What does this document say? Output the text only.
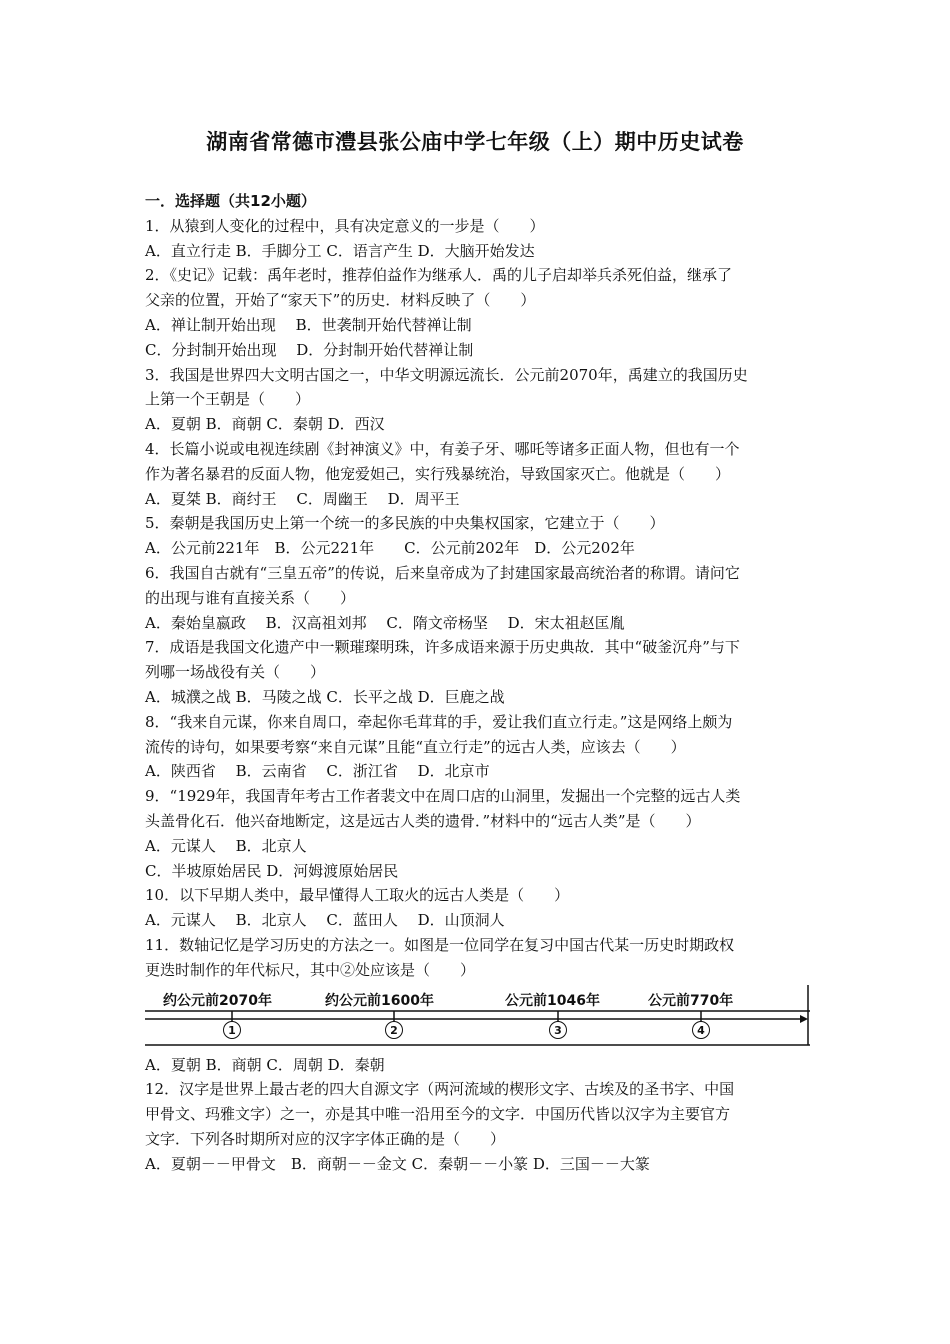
湖南省常德市澧县张公庙中学七年级（上）期中历史试卷
一．选择题（共12小题）
1．从猿到人变化的过程中，具有决定意义的一步是（　　）
A．直立行走 B．手脚分工 C．语言产生 D．大脑开始发达
2．《史记》记载：禹年老时，推荐伯益作为继承人．禹的儿子启却举兵杀死伯益，继承了
父亲的位置，开始了“家天下”的历史．材料反映了（　　）
A．禅让制开始出现　 B．世袭制开始代替禅让制
C．分封制开始出现　 D．分封制开始代替禅让制
3．我国是世界四大文明古国之一，中华文明源远流长．公元前2070年，禹建立的我国历史
上第一个王朝是（　　）
A．夏朝 B．商朝 C．秦朝 D．西汉
4．长篇小说或电视连续剧《封神演义》中，有姜子牙、哪吒等诸多正面人物，但也有一个
作为著名暴君的反面人物，他宠爱妲己，实行残暴统治，导致国家灭亡。他就是（　　）
A．夏桀 B．商纣王　 C．周幽王　 D．周平王
5．秦朝是我国历史上第一个统一的多民族的中央集权国家，它建立于（　　）
A．公元前221年　B．公元221年　　C．公元前202年　D．公元202年
6．我国自古就有“三皇五帝”的传说，后来皇帝成为了封建国家最高统治者的称谓。请问它
的出现与谁有直接关系（　　）
A．秦始皇嬴政　 B．汉高祖刘邦　 C．隋文帝杨坚　 D．宋太祖赵匡胤
7．成语是我国文化遗产中一颗璀璨明珠，许多成语来源于历史典故．其中“破釜沉舟”与下
列哪一场战役有关（　　）
A．城濮之战 B．马陵之战 C．长平之战 D．巨鹿之战
8．“我来自元谋，你来自周口，牵起你毛茸茸的手，爱让我们直立行走。”这是网络上颇为
流传的诗句，如果要考察“来自元谋”且能“直立行走”的远古人类，应该去（　　）
A．陕西省　 B．云南省　 C．浙江省　 D．北京市
9．“1929年，我国青年考古工作者裴文中在周口店的山洞里，发掘出一个完整的远古人类
头盖骨化石．他兴奋地断定，这是远古人类的遗骨．”材料中的“远古人类”是（　　）
A．元谋人　 B．北京人
C．半坡原始居民 D．河姆渡原始居民
10．以下早期人类中，最早懂得人工取火的远古人类是（　　）
A．元谋人　 B．北京人　 C．蓝田人　 D．山顶洞人
11．数轴记忆是学习历史的方法之一。如图是一位同学在复习中国古代某一历史时期政权
更迭时制作的年代标尺，其中②处应该是（　　）
约公元前2070年	约公元前1600年	公元前1046年	公元前770年
1	2	3	4
A．夏朝 B．商朝 C．周朝 D．秦朝
12．汉字是世界上最古老的四大自源文字（两河流域的楔形文字、古埃及的圣书字、中国
甲骨文、玛雅文字）之一，亦是其中唯一沿用至今的文字．中国历代皆以汉字为主要官方
文字．下列各时期所对应的汉字字体正确的是（　　）
A．夏朝－－甲骨文　B．商朝－－金文 C．秦朝－－小篆 D．三国－－大篆
